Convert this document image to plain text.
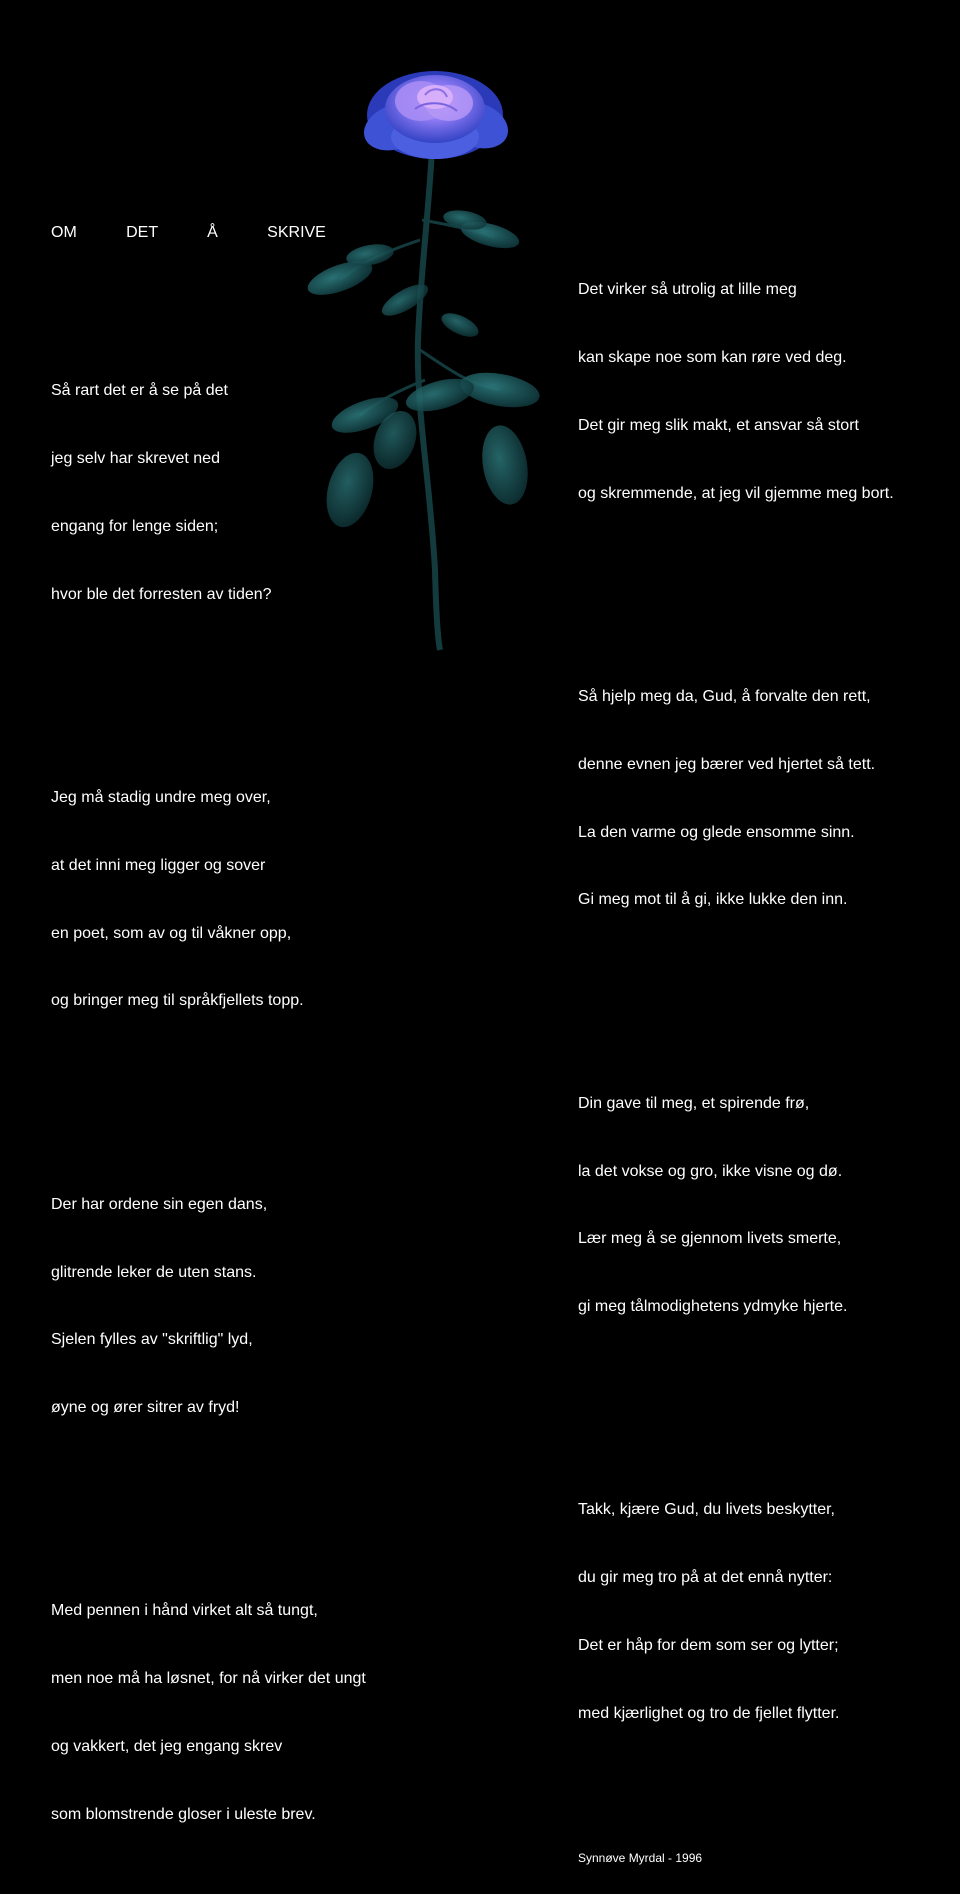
OM   DET   Å   SKRIVE

Så rart det er å se på det

jeg selv har skrevet ned

engang for lenge siden;

hvor ble det forresten av tiden?

Jeg må stadig undre meg over,

at det inni meg ligger og sover

en poet, som av og til våkner opp,

og bringer meg til språkfjellets topp.

Der har ordene sin egen dans,

glitrende leker de uten stans.

Sjelen fylles av "skriftlig" lyd,

øyne og ører sitrer av fryd!

Med pennen i hånd virket alt så tungt,

men noe må ha løsnet, for nå virker det ungt

og vakkert, det jeg engang skrev

som blomstrende gloser i uleste brev.

Det virker så utrolig at lille meg

kan skape noe som kan røre ved deg.

Det gir meg slik makt, et ansvar så stort

og skremmende, at jeg vil gjemme meg bort.

Så hjelp meg da, Gud, å forvalte den rett,

denne evnen jeg bærer ved hjertet så tett.

La den varme og glede ensomme sinn.

Gi meg mot til å gi, ikke lukke den inn.

Din gave til meg, et spirende frø,

la det vokse og gro, ikke visne og dø.

Lær meg å se gjennom livets smerte,

gi meg tålmodighetens ydmyke hjerte.

Takk, kjære Gud, du livets beskytter,

du gir meg tro på at det ennå nytter:

Det er håp for dem som ser og lytter;

med kjærlighet og tro de fjellet flytter.

Synnøve Myrdal - 1996
